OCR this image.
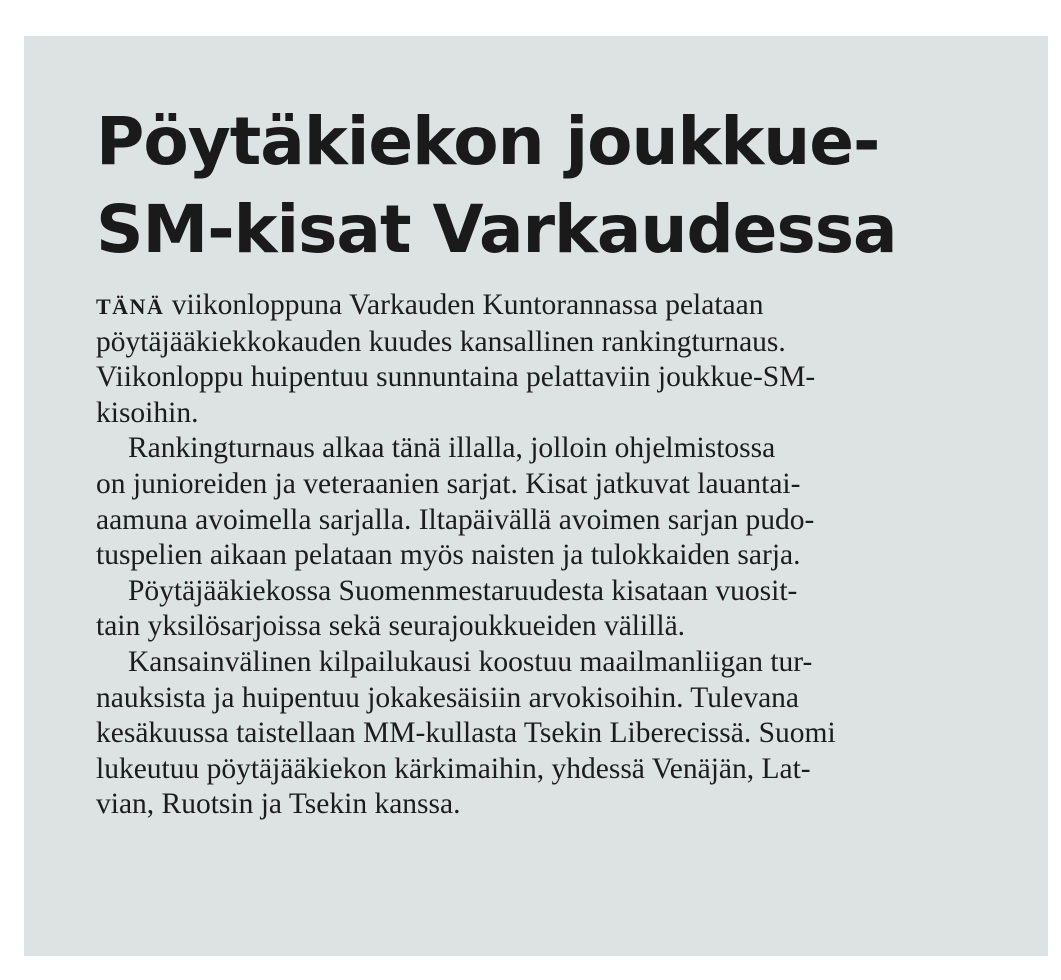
Pöytäkiekon joukkue-
SM-kisat Varkaudessa
TÄNÄ viikonloppuna Varkauden Kuntorannassa pelataan
pöytäjääkiekkokauden kuudes kansallinen rankingturnaus.
Viikonloppu huipentuu sunnuntaina pelattaviin joukkue-SM-
kisoihin.
Rankingturnaus alkaa tänä illalla, jolloin ohjelmistossa
on junioreiden ja veteraanien sarjat. Kisat jatkuvat lauantai-
aamuna avoimella sarjalla. Iltapäivällä avoimen sarjan pudo-
tuspelien aikaan pelataan myös naisten ja tulokkaiden sarja.
Pöytäjääkiekossa Suomenmestaruudesta kisataan vuosit-
tain yksilösarjoissa sekä seurajoukkueiden välillä.
Kansainvälinen kilpailukausi koostuu maailmanliigan tur-
nauksista ja huipentuu jokakesäisiin arvokisoihin. Tulevana
kesäkuussa taistellaan MM-kullasta Tsekin Liberecissä. Suomi
lukeutuu pöytäjääkiekon kärkimaihin, yhdessä Venäjän, Lat-
vian, Ruotsin ja Tsekin kanssa.
